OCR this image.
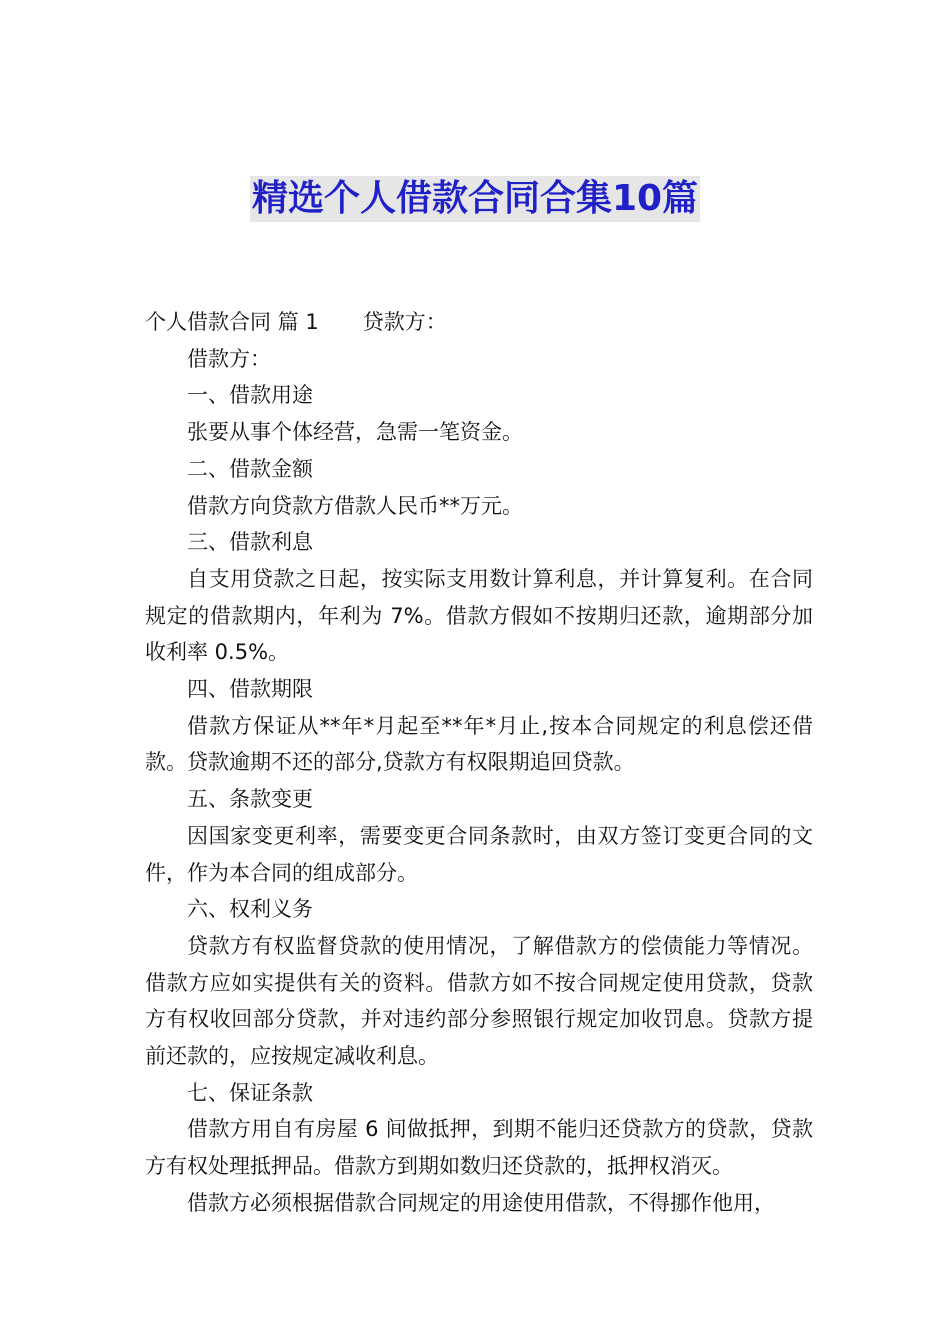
精选个人借款合同合集10篇

个人借款合同 篇 1 贷款方：

借款方：

一、借款用途

张要从事个体经营，急需一笔资金。

二、借款金额

借款方向贷款方借款人民币**万元。

三、借款利息

自支用贷款之日起，按实际支用数计算利息，并计算复利。在合同规定的借款期内，年利为 7%。借款方假如不按期归还款，逾期部分加收利率 0.5%。

四、借款期限

借款方保证从**年*月起至**年*月止,按本合同规定的利息偿还借款。贷款逾期不还的部分,贷款方有权限期追回贷款。

五、条款变更

因国家变更利率，需要变更合同条款时，由双方签订变更合同的文件，作为本合同的组成部分。

六、权利义务

贷款方有权监督贷款的使用情况，了解借款方的偿债能力等情况。借款方应如实提供有关的资料。借款方如不按合同规定使用贷款，贷款方有权收回部分贷款，并对违约部分参照银行规定加收罚息。贷款方提前还款的，应按规定减收利息。

七、保证条款

借款方用自有房屋 6 间做抵押，到期不能归还贷款方的贷款，贷款方有权处理抵押品。借款方到期如数归还贷款的，抵押权消灭。

借款方必须根据借款合同规定的用途使用借款，不得挪作他用，
